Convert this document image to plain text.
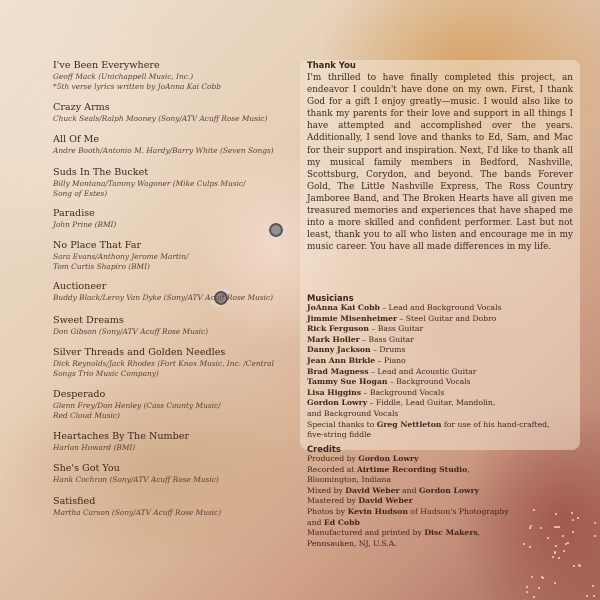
I've Been Everywhere
Geoff Mack (Unichappell Music, Inc.)
*5th verse lyrics written by JoAnna Kai Cobb
Crazy Arms
Chuck Seals/Ralph Mooney (Sony/ATV Acuff Rose Music)
All Of Me
Andre Booth/Antonio M. Hardy/Barry White (Seven Songs)
Suds In The Bucket
Billy Montana/Tammy Wagoner (Mike Culps Music/
Song of Estes)
Paradise
John Prine (BMI)
No Place That Far
Sara Evans/Anthony Jerome Martin/
Tom Curtis Shapiro (BMI)
Auctioneer
Buddy Black/Leroy Van Dyke (Sony/ATV Acuff Rose Music)
Sweet Dreams
Don Gibson (Sony/ATV Acuff Rose Music)
Silver Threads and Golden Needles
Dick Reynolds/Jack Rhodes (Fort Knox Music, Inc. /Central
Songs Trio Music Company)
Desperado
Glenn Frey/Don Henley (Cass County Music/
Red Cloud Music)
Heartaches By The Number
Harlan Howard (BMI)
She's Got You
Hank Cochran (Sony/ATV Acuff Rose Music)
Satisfied
Martha Carson (Sony/ATV Acuff Rose Music)
Thank You

I'm thrilled to have finally completed this project, an endeavor I couldn't have done on my own. First, I thank God for a gift I enjoy greatly—music. I would also like to thank my parents for their love and support in all things I have attempted and accomplished over the years. Additionally, I send love and thanks to Ed, Sam, and Mac for their support and inspiration. Next, I'd like to thank all my musical family members in Bedford, Nashville, Scottsburg, Corydon, and beyond. The bands Forever Gold, The Little Nashville Express, The Ross Country Jamboree Band, and The Broken Hearts have all given me treasured memories and experiences that have shaped me into a more skilled and confident performer. Last but not least, thank you to all who listen and encourage me in my music career. You have all made differences in my life.

Musicians
JoAnna Kai Cobb – Lead and Background Vocals
Jimmie Misenheimer – Steel Guitar and Dobro
Rick Ferguson – Bass Guitar
Mark Holler – Bass Guitar
Danny Jackson – Drums
Jean Ann Birkle – Piano
Brad Magness – Lead and Acoustic Guitar
Tammy Sue Hogan – Background Vocals
Lisa Higgins – Background Vocals
Gordon Lowry – Fiddle, Lead Guitar, Mandolin,
and Background Vocals
Special thanks to Greg Nettleton for use of his hand-crafted,
five-string fiddle
Credits
Produced by Gordon Lowry
Recorded at Airtime Recording Studio,
Bloomington, Indiana
Mixed by David Weber and Gordon Lowry
Mastered by David Weber
Photos by Kevin Hudson of Hudson's Photography
and Ed Cobb
Manufactured and printed by Disc Makers,
Pennsauken, NJ, U.S.A.
